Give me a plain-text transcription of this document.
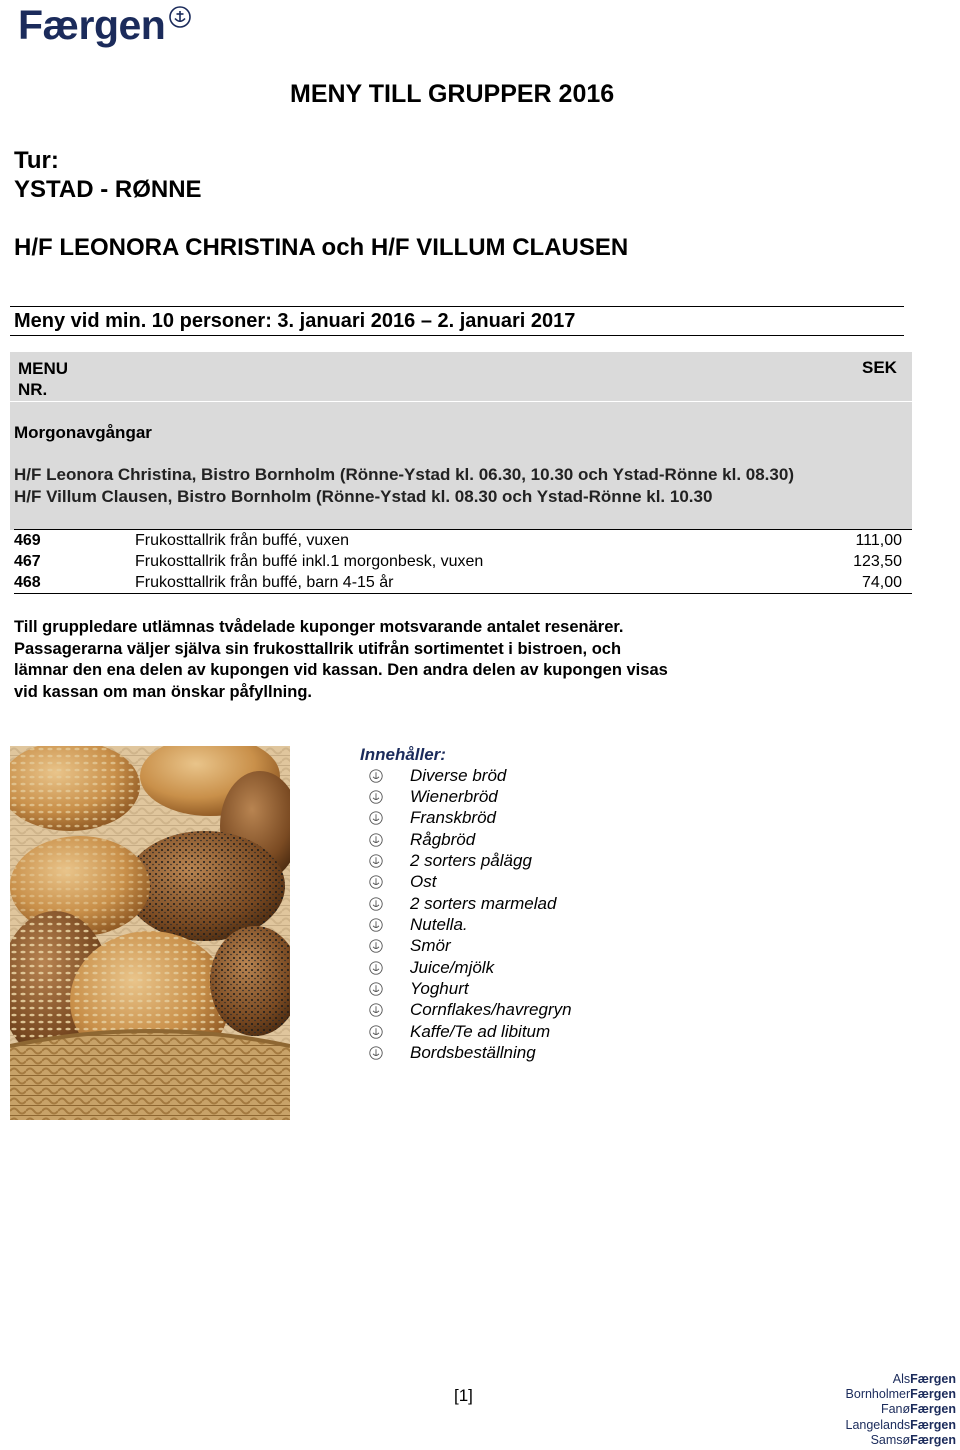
Færgen
MENY TILL GRUPPER 2016
Tur:
YSTAD - RØNNE
H/F LEONORA CHRISTINA och H/F VILLUM CLAUSEN
Meny vid min. 10 personer: 3. januari 2016 – 2. januari 2017
MENU
NR.
SEK
Morgonavgångar
H/F Leonora Christina, Bistro Bornholm (Rönne-Ystad kl. 06.30, 10.30 och Ystad-Rönne kl. 08.30)
H/F Villum Clausen, Bistro Bornholm (Rönne-Ystad kl. 08.30 och Ystad-Rönne kl. 10.30
469	Frukosttallrik från buffé, vuxen	111,00
467	Frukosttallrik från buffé inkl.1 morgonbesk, vuxen	123,50
468	Frukosttallrik från buffé, barn 4-15 år	74,00
Till gruppledare utlämnas tvådelade kuponger motsvarande antalet resenärer.
Passagerarna väljer själva sin frukosttallrik utifrån sortimentet i bistroen, och
lämnar den ena delen av kupongen vid kassan. Den andra delen av kupongen visas
vid kassan om man önskar påfyllning.
Innehåller:
Diverse bröd
Wienerbröd
Franskbröd
Rågbröd
2 sorters pålägg
Ost
2 sorters marmelad
Nutella.
Smör
Juice/mjölk
Yoghurt
Cornflakes/havregryn
Kaffe/Te ad libitum
Bordsbeställning
[1]
AlsFærgen
BornholmerFærgen
FanøFærgen
LangelandsFærgen
SamsøFærgen
